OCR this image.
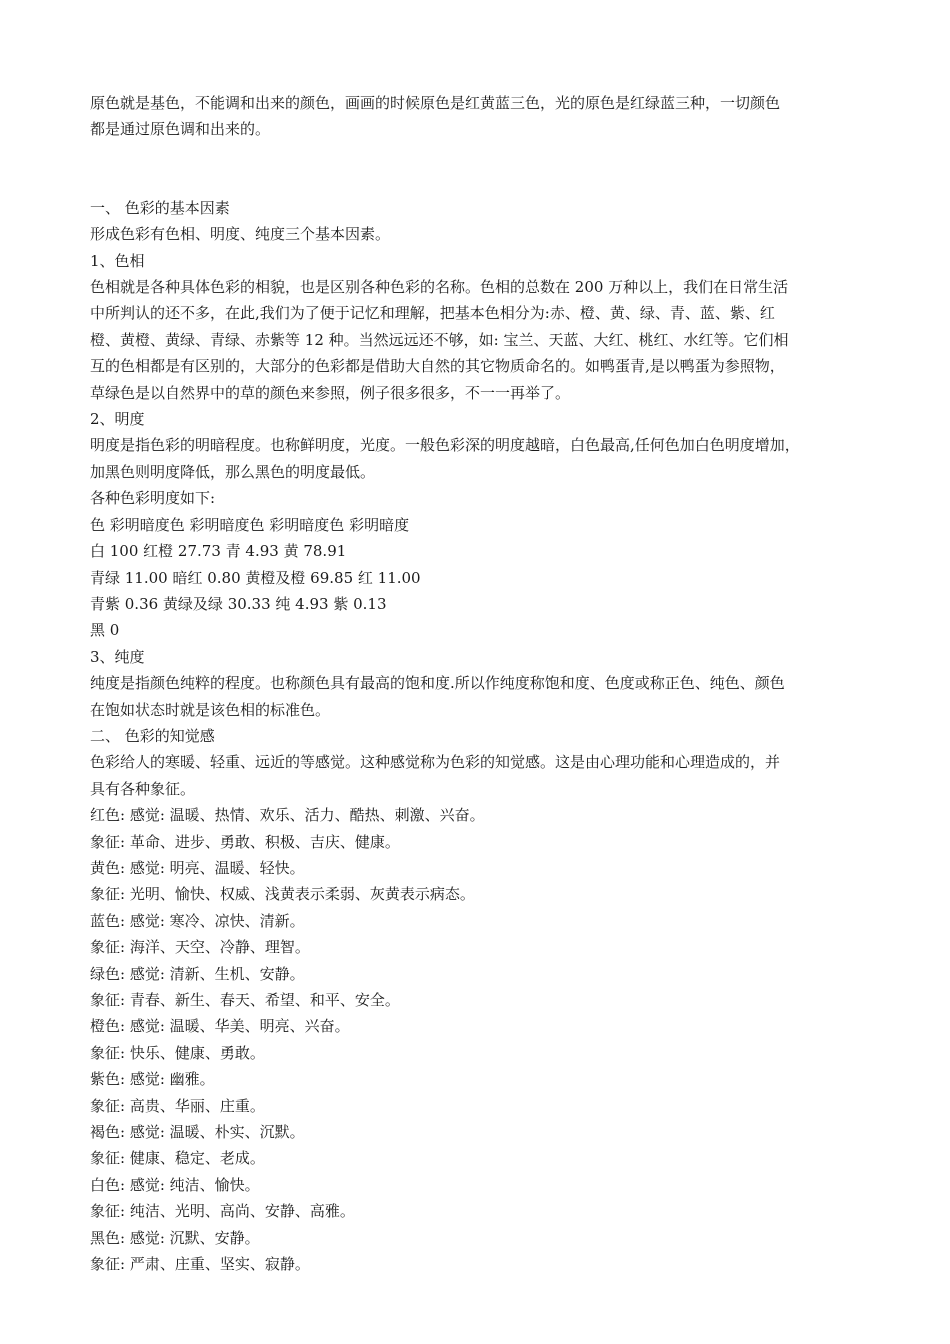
原色就是基色，不能调和出来的颜色，画画的时候原色是红黄蓝三色，光的原色是红绿蓝三种，一切颜色
都是通过原色调和出来的。
一、 色彩的基本因素
形成色彩有色相、明度、纯度三个基本因素。
1、色相
色相就是各种具体色彩的相貌，也是区别各种色彩的名称。色相的总数在 200 万种以上，我们在日常生活
中所判认的还不多，在此,我们为了便于记忆和理解，把基本色相分为:赤、橙、黄、绿、青、蓝、紫、红
橙、黄橙、黄绿、青绿、赤紫等 12 种。当然远远还不够，如: 宝兰、天蓝、大红、桃红、水红等。它们相
互的色相都是有区别的，大部分的色彩都是借助大自然的其它物质命名的。如鸭蛋青,是以鸭蛋为参照物，
草绿色是以自然界中的草的颜色来参照，例子很多很多，不一一再举了。
2、明度
明度是指色彩的明暗程度。也称鲜明度，光度。一般色彩深的明度越暗，白色最高,任何色加白色明度增加，
加黑色则明度降低，那么黑色的明度最低。
各种色彩明度如下:
色 彩明暗度色 彩明暗度色 彩明暗度色 彩明暗度
白 100 红橙 27.73 青 4.93 黄 78.91
青绿 11.00 暗红 0.80 黄橙及橙 69.85 红 11.00
青紫 0.36 黄绿及绿 30.33 纯 4.93 紫 0.13
黑 0
3、纯度
纯度是指颜色纯粹的程度。也称颜色具有最高的饱和度.所以作纯度称饱和度、色度或称正色、纯色、颜色
在饱如状态时就是该色相的标准色。
二、 色彩的知觉感
色彩给人的寒暖、轻重、远近的等感觉。这种感觉称为色彩的知觉感。这是由心理功能和心理造成的，并
具有各种象征。
红色: 感觉: 温暖、热情、欢乐、活力、酷热、刺激、兴奋。
象征: 革命、进步、勇敢、积极、吉庆、健康。
黄色: 感觉: 明亮、温暖、轻快。
象征: 光明、愉快、权威、浅黄表示柔弱、灰黄表示病态。
蓝色: 感觉: 寒冷、凉快、清新。
象征: 海洋、天空、冷静、理智。
绿色: 感觉: 清新、生机、安静。
象征: 青春、新生、春天、希望、和平、安全。
橙色: 感觉: 温暖、华美、明亮、兴奋。
象征: 快乐、健康、勇敢。
紫色: 感觉: 幽雅。
象征: 高贵、华丽、庄重。
褐色: 感觉: 温暖、朴实、沉默。
象征: 健康、稳定、老成。
白色: 感觉: 纯洁、愉快。
象征: 纯洁、光明、高尚、安静、高雅。
黑色: 感觉: 沉默、安静。
象征: 严肃、庄重、坚实、寂静。
